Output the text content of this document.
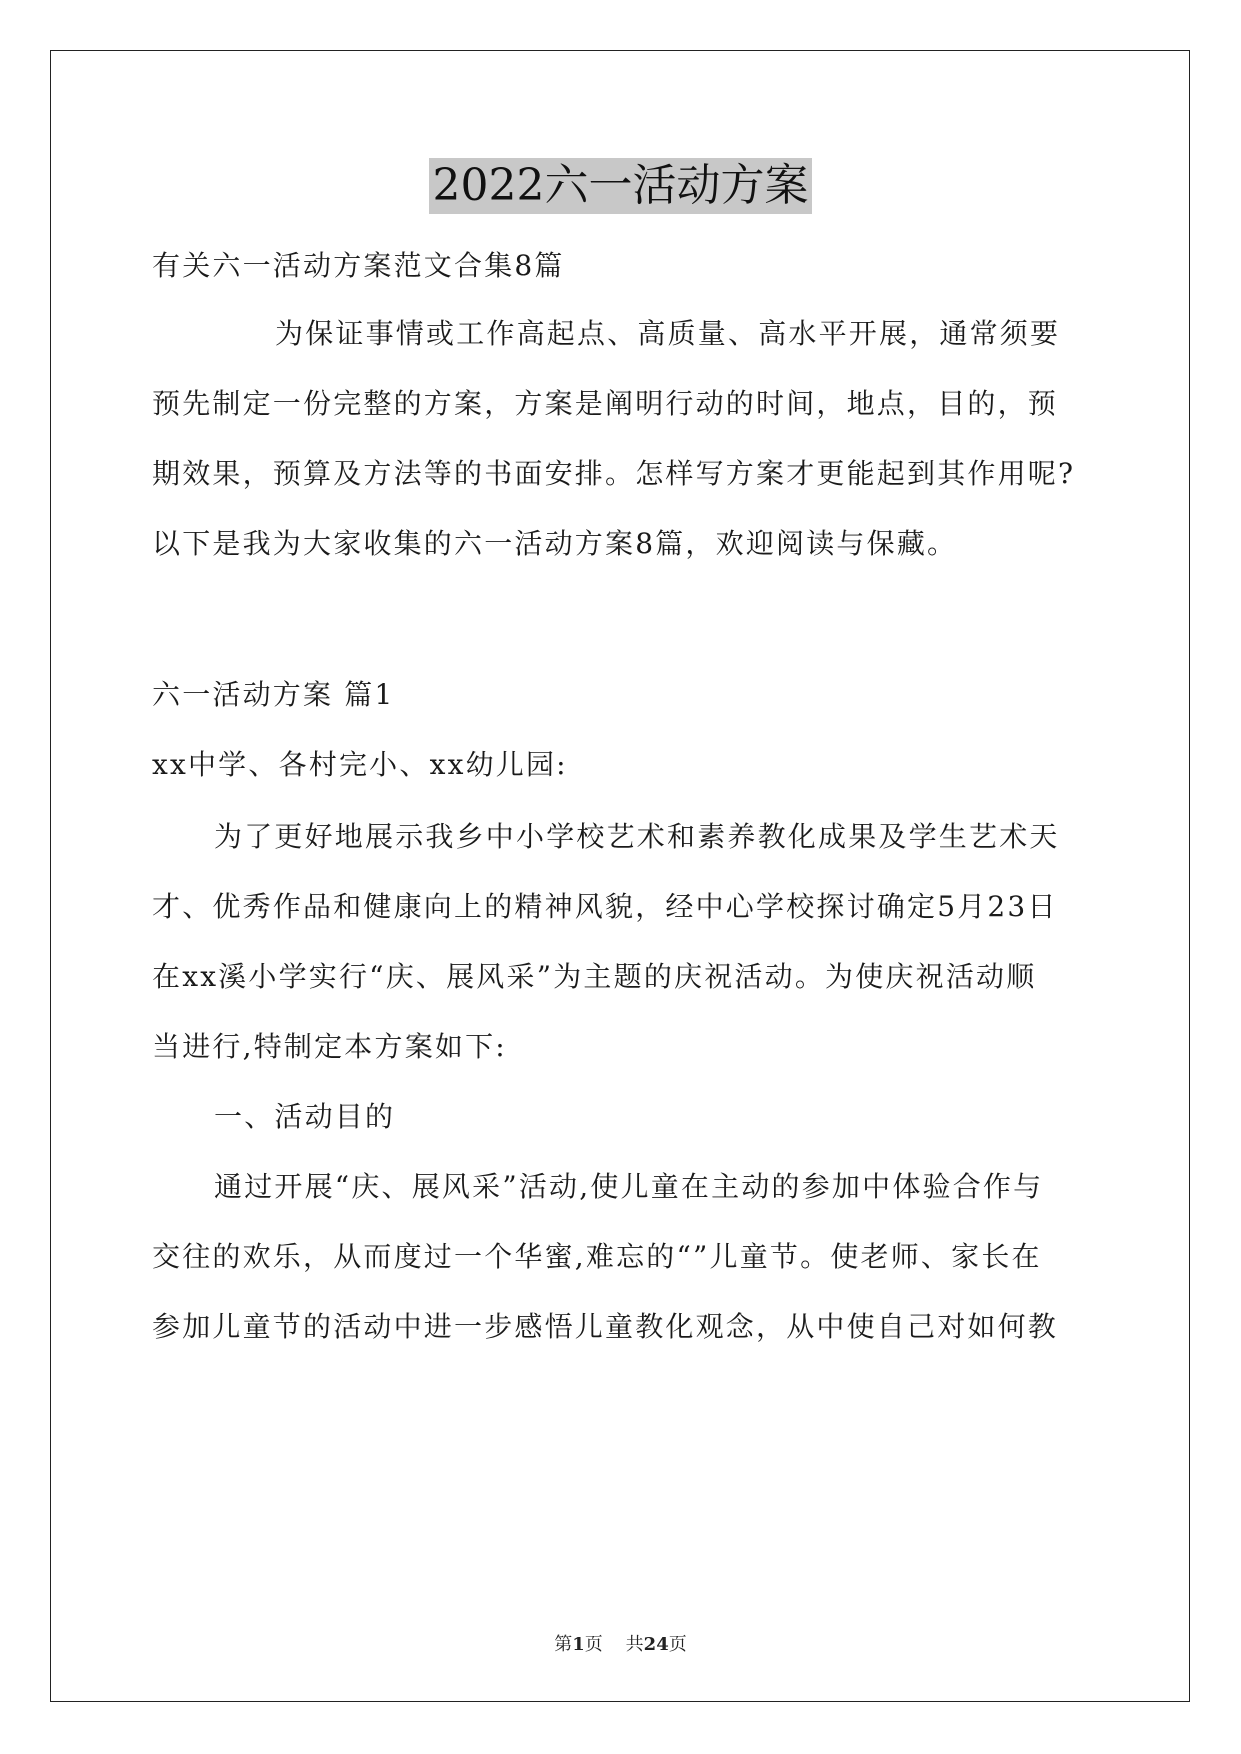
2022六一活动方案
有关六一活动方案范文合集8篇
为保证事情或工作高起点、高质量、高水平开展，通常须要
预先制定一份完整的方案，方案是阐明行动的时间，地点，目的，预
期效果，预算及方法等的书面安排。怎样写方案才更能起到其作用呢?
以下是我为大家收集的六一活动方案8篇，欢迎阅读与保藏。
六一活动方案 篇1
xx中学、各村完小、xx幼儿园:
为了更好地展示我乡中小学校艺术和素养教化成果及学生艺术天
才、优秀作品和健康向上的精神风貌，经中心学校探讨确定5月23日
在xx溪小学实行“庆、展风采”为主题的庆祝活动。为使庆祝活动顺
当进行,特制定本方案如下:
一、活动目的
通过开展“庆、展风采”活动,使儿童在主动的参加中体验合作与
交往的欢乐，从而度过一个华蜜,难忘的“”儿童节。使老师、家长在
参加儿童节的活动中进一步感悟儿童教化观念，从中使自己对如何教
第1页    共24页
